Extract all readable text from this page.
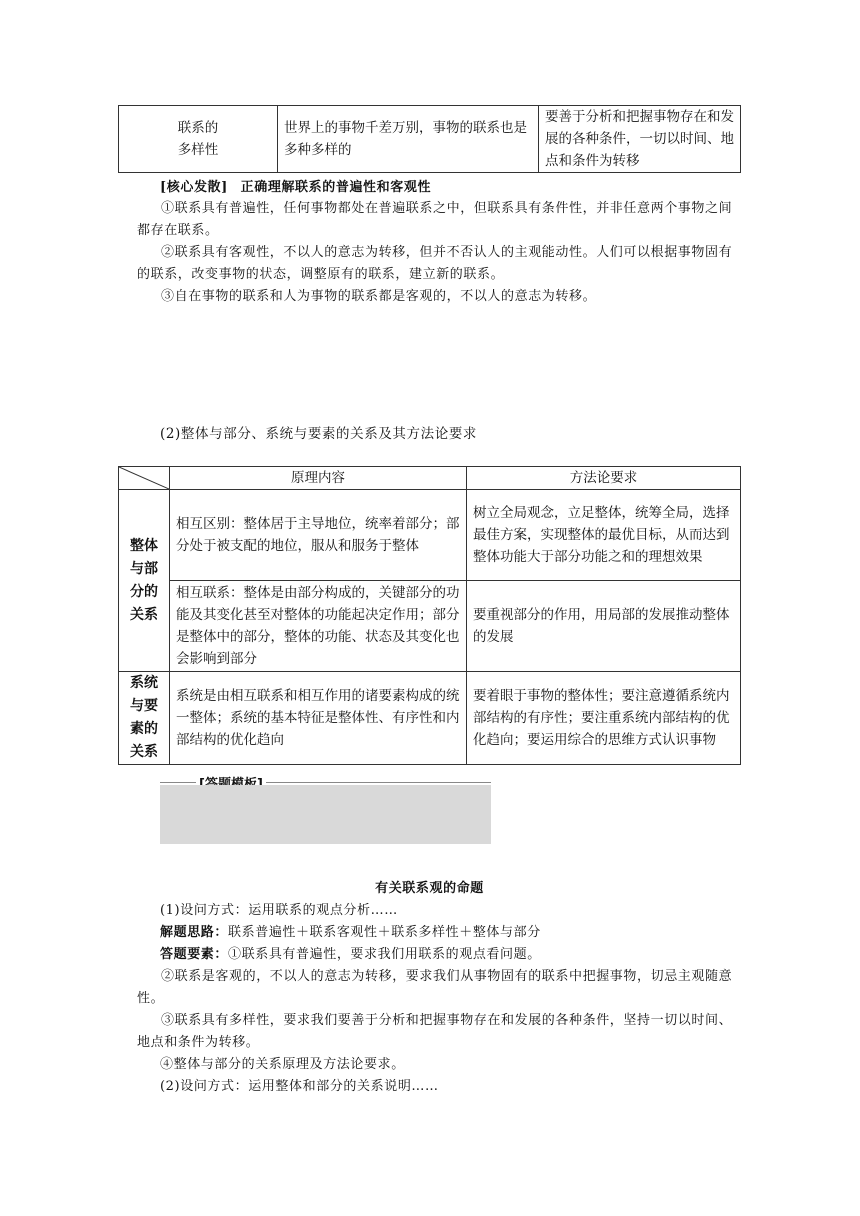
联系的
多样性	世界上的事物千差万别，事物的联系也是多种多样的	要善于分析和把握事物存在和发展的各种条件，一切以时间、地点和条件为转移
[核心发散] 正确理解联系的普遍性和客观性
①联系具有普遍性，任何事物都处在普遍联系之中，但联系具有条件性，并非任意两个事物之间都存在联系。
②联系具有客观性，不以人的意志为转移，但并不否认人的主观能动性。人们可以根据事物固有的联系，改变事物的状态，调整原有的联系，建立新的联系。
③自在事物的联系和人为事物的联系都是客观的，不以人的意志为转移。
(2)整体与部分、系统与要素的关系及其方法论要求
	原理内容	方法论要求
整体
与部
分的
关系	相互区别：整体居于主导地位，统率着部分；部分处于被支配的地位，服从和服务于整体	树立全局观念，立足整体，统筹全局，选择最佳方案，实现整体的最优目标，从而达到整体功能大于部分功能之和的理想效果
	相互联系：整体是由部分构成的，关键部分的功能及其变化甚至对整体的功能起决定作用；部分是整体中的部分，整体的功能、状态及其变化也会影响到部分	要重视部分的作用，用局部的发展推动整体的发展
系统
与要
素的
关系	系统是由相互联系和相互作用的诸要素构成的统一整体；系统的基本特征是整体性、有序性和内部结构的优化趋向	要着眼于事物的整体性；要注意遵循系统内部结构的有序性；要注重系统内部结构的优化趋向；要运用综合的思维方式认识事物
有关联系观的命题
(1)设问方式：运用联系的观点分析……
解题思路：联系普遍性＋联系客观性＋联系多样性＋整体与部分
答题要素：①联系具有普遍性，要求我们用联系的观点看问题。
②联系是客观的，不以人的意志为转移，要求我们从事物固有的联系中把握事物，切忌主观随意性。
③联系具有多样性，要求我们要善于分析和把握事物存在和发展的各种条件，坚持一切以时间、地点和条件为转移。
④整体与部分的关系原理及方法论要求。
(2)设问方式：运用整体和部分的关系说明……
